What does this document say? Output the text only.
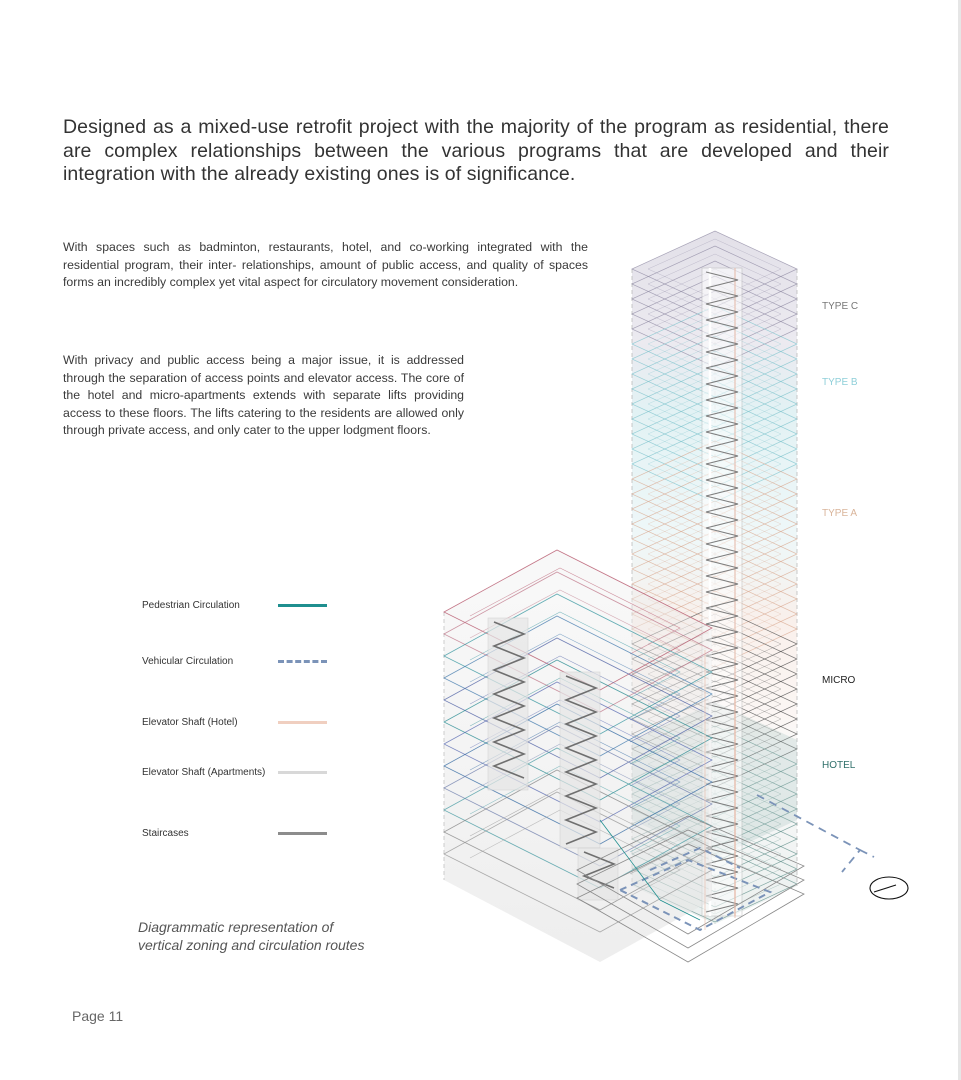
Designed as a mixed-use retrofit project with the majority of the program as residential, there are complex relationships between the various programs that are developed and their integration with the already existing ones is of significance.

With spaces such as badminton, restaurants, hotel, and co-working integrated with the residential program, their inter- relationships, amount of public access, and quality of spaces forms an incredibly complex yet vital aspect for circulatory movement consideration.

With privacy and public access being a major issue, it is addressed through the separation of access points and elevator access. The core of the hotel and micro-apartments extends with separate lifts providing access to these floors. The lifts catering to the residents are allowed only through private access, and only cater to the upper lodgment floors.

Pedestrian Circulation
Vehicular Circulation
Elevator Shaft (Hotel)
Elevator Shaft (Apartments)
Staircases
TYPE C
TYPE B
TYPE A
MICRO
HOTEL

Diagrammatic representation of
vertical zoning and circulation routes

Page 11
